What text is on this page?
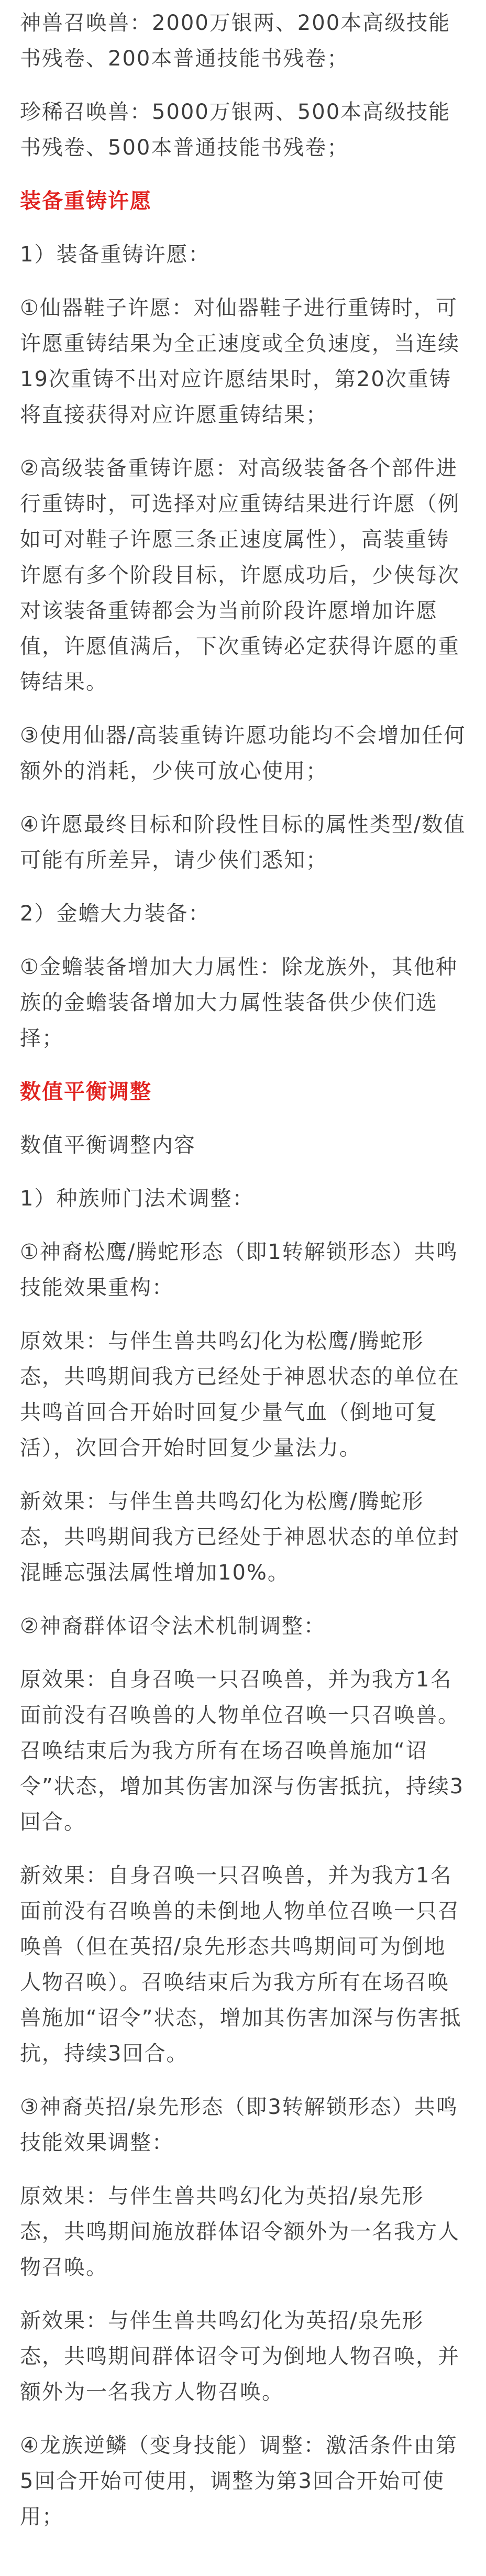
神兽召唤兽：2000万银两、200本高级技能书残卷、200本普通技能书残卷；

珍稀召唤兽：5000万银两、500本高级技能书残卷、500本普通技能书残卷；

装备重铸许愿

1）装备重铸许愿：

①仙器鞋子许愿：对仙器鞋子进行重铸时，可许愿重铸结果为全正速度或全负速度，当连续19次重铸不出对应许愿结果时，第20次重铸将直接获得对应许愿重铸结果；

②高级装备重铸许愿：对高级装备各个部件进行重铸时，可选择对应重铸结果进行许愿（例如可对鞋子许愿三条正速度属性），高装重铸许愿有多个阶段目标，许愿成功后，少侠每次对该装备重铸都会为当前阶段许愿增加许愿值，许愿值满后，下次重铸必定获得许愿的重铸结果。

③使用仙器/高装重铸许愿功能均不会增加任何额外的消耗，少侠可放心使用；

④许愿最终目标和阶段性目标的属性类型/数值可能有所差异，请少侠们悉知；

2）金蟾大力装备：

①金蟾装备增加大力属性：除龙族外，其他种族的金蟾装备增加大力属性装备供少侠们选择；

数值平衡调整

数值平衡调整内容

1）种族师门法术调整：

①神裔松鹰/腾蛇形态（即1转解锁形态）共鸣技能效果重构：

原效果：与伴生兽共鸣幻化为松鹰/腾蛇形态，共鸣期间我方已经处于神恩状态的单位在共鸣首回合开始时回复少量气血（倒地可复活），次回合开始时回复少量法力。

新效果：与伴生兽共鸣幻化为松鹰/腾蛇形态，共鸣期间我方已经处于神恩状态的单位封混睡忘强法属性增加10%。

②神裔群体诏令法术机制调整：

原效果：自身召唤一只召唤兽，并为我方1名面前没有召唤兽的人物单位召唤一只召唤兽。召唤结束后为我方所有在场召唤兽施加“诏令”状态，增加其伤害加深与伤害抵抗，持续3回合。

新效果：自身召唤一只召唤兽，并为我方1名面前没有召唤兽的未倒地人物单位召唤一只召唤兽（但在英招/泉先形态共鸣期间可为倒地人物召唤）。召唤结束后为我方所有在场召唤兽施加“诏令”状态，增加其伤害加深与伤害抵抗，持续3回合。

③神裔英招/泉先形态（即3转解锁形态）共鸣技能效果调整：

原效果：与伴生兽共鸣幻化为英招/泉先形态，共鸣期间施放群体诏令额外为一名我方人物召唤。

新效果：与伴生兽共鸣幻化为英招/泉先形态，共鸣期间群体诏令可为倒地人物召唤，并额外为一名我方人物召唤。

④龙族逆鳞（变身技能）调整：激活条件由第5回合开始可使用，调整为第3回合开始可使用；
